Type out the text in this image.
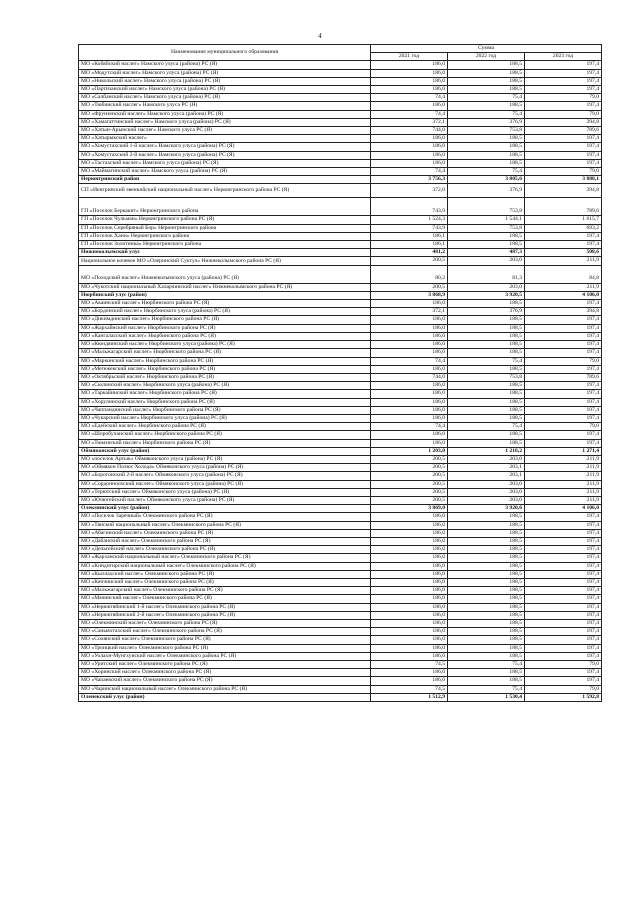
4
Наименование муниципального образования	Сумма		
	2021 год	2022 год	2023 год
МО «Кобяйский наслег» Намского улуса (района) РС (Я)	186,0	188,5	197,4
МО «Модутский наслег» Намского улуса (района) РС (Я)	186,0	188,5	197,4
МО «Никольский наслег» Намского улуса (района) РС (Я)	186,0	188,5	197,4
МО «Партизанский наслег» Намского улуса (района) РС (Я)	186,0	188,5	197,4
МО «Салбанский наслег» Намского улуса (района) РС (Я)	74,4	75,4	79,0
МО «Тюбинский наслег» Намского улуса РС (Я)	186,0	188,5	197,4
МО «Фрунзенский наслег» Намского улуса (района) РС (Я)	74,4	75,4	79,0
МО «Хамагаттинский наслег» Намского улуса (района) РС (Я)	372,1	376,9	394,8
МО «Хатын-Арынский наслег» Намского улуса РС (Я)	744,0	753,8	789,6
МО «Хатырыкский наслег»	186,0	188,5	197,4
МО «Хомустахский 1-й наслег» Намского улуса (района) РС (Я)	186,0	188,5	197,4
МО «Хомустахский 2-й наслег» Намского улуса (района) РС (Я)	186,0	188,5	197,4
МО «Тастахский наслег» Намского улуса (района) РС (Я)	186,0	188,5	197,4
МО «Маймагинский наслег» Намского улуса (района) РС (Я)	74,4	75,4	79,0
Нерюнгринский район	3 756,3	3 805,6	3 888,1
СП «Иенгринский эвенкийский национальный наслег» Нерюнгринского района РС (Я)	372,0	376,9	394,8
ГП «Поселок Беркакит» Нерюнгринского района	743,9	753,8	789,6
ГП «Поселок Чульман» Нерюнгринского района РС (Я)	1 524,3	1 544,1	1 615,7
ГП «Поселок Серебряный Бор» Нерюнгринского района	743,9	753,8	693,2
ГП «Поселок Хани» Нерюнгринского района	186,1	188,5	197,4
ГП «Поселок Золотинка» Нерюнгринского района	186,1	188,5	197,4
Нижнеколымский улус	481,2	487,3	508,6
Национальное кочевое МО «Олеринский Суктул» Нижнеколымского района РС (Я)	200,5	203,0	211,9
МО «Походский наслег» Нижнеколымского улуса (района) РС (Я)	80,2	81,3	84,8
МО «Чукотский национальный Халарчинский наслег» Нижнеколымского района РС (Я)	200,5	203,0	211,9
Нюрбинский улус (район)	3 868,9	3 920,5	4 106,0
МО «Акаинский наслег» Нюрбинского района РС (Я)	186,0	188,5	197,4
МО «Бордонский наслег» Нюрбинского улуса (района) РС (Я)	372,1	376,9	394,8
МО «Дикимдинский наслег» Нюрбинского района РС (Я)	186,0	188,5	197,4
МО «Жархайнский наслег» Нюрбинского района РС (Я)	186,0	188,5	197,4
МО «Кангаласский наслег» Нюрбинского района РС (Я)	186,0	188,5	197,4
МО «Кюндяинский наслег» Нюрбинского улуса (района) РС (Я)	186,0	188,5	197,4
МО «Мальжагарский наслег» Нюрбинского района РС (Я)	186,0	188,5	197,4
МО «Маркинский наслег» Нюрбинского района РС (Я)	74,4	75,4	79,0
МО «Мегежекский наслег» Нюрбинского района РС (Я)	186,0	188,5	197,4
МО «Октябрьский наслег» Нюрбинского района РС (Я)	744,0	753,8	789,6
МО «Сюлинский наслег» Нюрбинского улуса (района) РС (Я)	186,0	188,5	197,4
МО «Таркайинский наслег» Нюрбинского района РС (Я)	186,0	188,5	197,4
МО «Хорулинский наслег» Нюрбинского района РС (Я)	186,0	188,5	197,4
МО «Чаппандинский наслег» Нюрбинского района РС (Я)	186,0	188,5	197,4
МО «Чукарский наслег» Нюрбинского улуса (района) РС (Я)	186,0	188,5	197,4
МО «Едейский наслег» Нюрбинского района РС (Я)	74,4	75,4	79,0
МО «Шоробучанский наслег» Нюрбинского района РС (Я)	186,0	188,5	197,4
МО «Тюмэнский наслег» Нюрбинского района РС (Я)	186,0	188,5	197,4
Оймяконский улус (район)	1 203,0	1 218,2	1 271,4
МО «поселок Артык» Оймяконского улуса (района) РС (Я)	200,5	203,0	211,9
МО «Оймякон Полюс Холода» Оймяконского улуса (района) РС (Я)	200,5	203,1	211,9
МО «Борогонский 2-й наслег» Оймяконского улуса (района) РС (Я)	200,5	203,1	211,9
МО «Сордонноохский наслег» Оймяконского улуса (района) РС (Я)	200,5	203,0	211,9
МО «Терютский наслег» Оймяконского улуса (района) РС (Я)	200,5	203,0	211,9
МО «Ючюгейский наслег» Оймяконского улуса (района) РС (Я)	200,5	203,0	211,9
Олекминский улус (район)	3 869,0	3 920,6	4 106,0
МО «Поселок Заречный» Олекминского района РС (Я)	186,0	188,5	197,4
МО «Тянский национальный наслег» Олекминского района РС (Я)	186,0	188,5	197,4
МО «Абагинский наслег» Олекминского района РС (Я)	186,0	188,5	197,4
МО «Дабанский наслег» Олекминского района РС (Я)	186,0	188,5	197,4
МО «Дельгейский наслег» Олекминского района РС (Я)	186,0	188,5	197,4
МО «Жарханский национальный наслег» Олекминского района РС (Я)	186,0	188,5	197,4
МО «Киндигирский национальный наслег» Олекминского района РС (Я)	186,0	188,5	197,4
МО «Кыллахский наслег» Олекминского района РС (Я)	186,0	188,5	197,4
МО «Кяччинский наслег» Олекминского района РС (Я)	186,0	188,5	197,4
МО «Мальжагарский наслег» Олекминского района РС (Я)	186,0	188,5	197,4
МО «Мачинский наслег» Олекминского района РС (Я)	186,0	188,5	197,4
МО «Нерюктяйинский 1-й наслег» Олекминского района РС (Я)	186,0	188,5	197,4
МО «Нерюктяйинский 2-й наслег» Олекминского района РС (Я)	186,0	188,5	197,4
МО «Олекминский наслег» Олекминского района РС (Я)	186,0	188,5	197,4
МО «Саныяхтахский наслег» Олекминского района РС (Я)	186,0	188,5	197,4
МО «Солянский наслег» Олекминского района РС (Я)	186,0	188,5	197,4
МО «Троицкий наслег» Олекминского района РС (Я)	186,0	188,5	197,4
МО «Уолахн-Мунгхунский наслег» Олекминского района РС (Я)	186,0	188,5	197,4
МО «Уритский наслег» Олекминского района РС (Я)	74,5	75,4	79,0
МО «Хоринский наслег» Олекминского района РС (Я)	186,0	188,5	197,4
МО «Чапаевский наслег» Олекминского района РС (Я)	186,0	188,5	197,4
МО «Чаринский национальный наслег» Олекминского района РС (Я)	74,5	75,4	79,0
Оленекский улус (район)	1 512,9	1 530,4	1 592,8
